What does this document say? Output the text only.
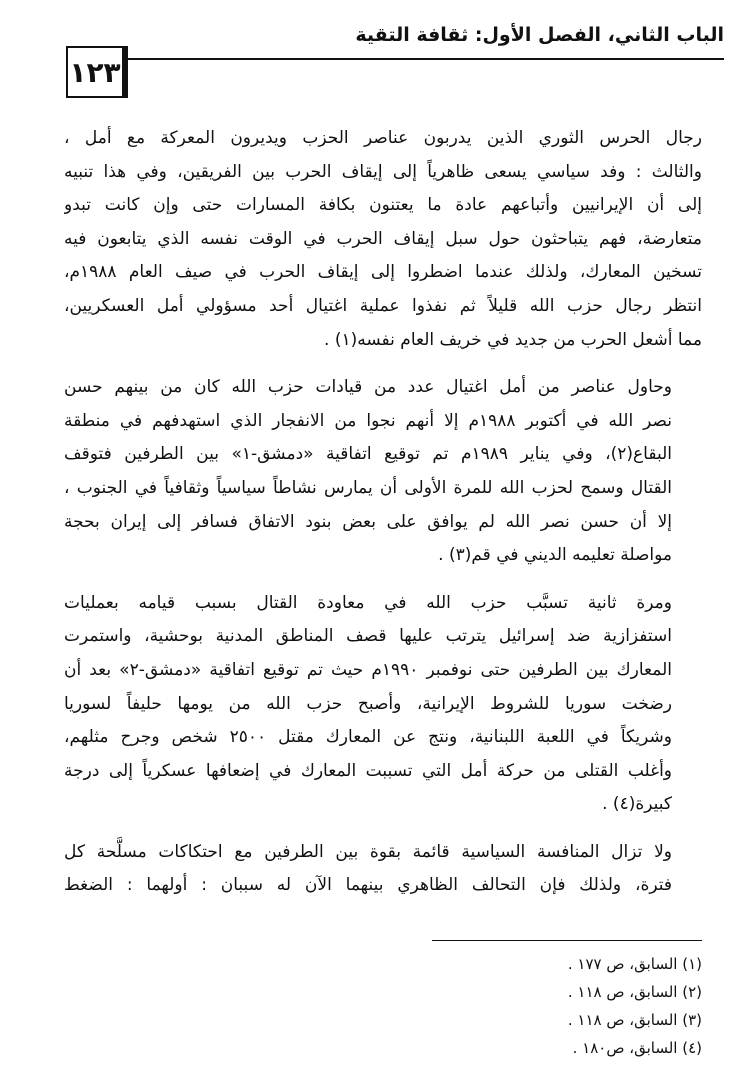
الباب الثاني، الفصل الأول: ثقافة التقية
١٢٣

رجال الحرس الثوري الذين يدربون عناصر الحزب ويديرون المعركة مع أمل ،
والثالث : وفد سياسي يسعى ظاهرياً إلى إيقاف الحرب بين الفريقين، وفي هذا تنبيه
إلى أن الإيرانيين وأتباعهم عادة ما يعتنون بكافة المسارات حتى وإن كانت تبدو
متعارضة، فهم يتباحثون حول سبل إيقاف الحرب في الوقت نفسه الذي يتابعون فيه
تسخين المعارك، ولذلك عندما اضطروا إلى إيقاف الحرب في صيف العام ١٩٨٨م،
انتظر رجال حزب الله قليلاً ثم نفذوا عملية اغتيال أحد مسؤولي أمل العسكريين،
مما أشعل الحرب من جديد في خريف العام نفسه(١) .

وحاول عناصر من أمل اغتيال عدد من قيادات حزب الله كان من بينهم حسن
نصر الله في أكتوبر ١٩٨٨م إلا أنهم نجوا من الانفجار الذي استهدفهم في منطقة
البقاع(٢)، وفي يناير ١٩٨٩م تم توقيع اتفاقية «دمشق-١» بين الطرفين فتوقف
القتال وسمح لحزب الله للمرة الأولى أن يمارس نشاطاً سياسياً وثقافياً في الجنوب ،
إلا أن حسن نصر الله لم يوافق على بعض بنود الاتفاق فسافر إلى إيران بحجة
مواصلة تعليمه الديني في قم(٣) .

ومرة ثانية تسبَّب حزب الله في معاودة القتال بسبب قيامه بعمليات
استفزازية ضد إسرائيل يترتب عليها قصف المناطق المدنية بوحشية، واستمرت
المعارك بين الطرفين حتى نوفمبر ١٩٩٠م حيث تم توقيع اتفاقية «دمشق-٢» بعد أن
رضخت سوريا للشروط الإيرانية، وأصبح حزب الله من يومها حليفاً لسوريا
وشريكاً في اللعبة اللبنانية، ونتج عن المعارك مقتل ٢٥٠٠ شخص وجرح مثلهم،
وأغلب القتلى من حركة أمل التي تسببت المعارك في إضعافها عسكرياً إلى درجة
كبيرة(٤) .

ولا تزال المنافسة السياسية قائمة بقوة بين الطرفين مع احتكاكات مسلَّحة كل
فترة، ولذلك فإن التحالف الظاهري بينهما الآن له سببان : أولهما : الضغط

(١) السابق، ص ١٧٧ .
(٢) السابق، ص ١١٨ .
(٣) السابق، ص ١١٨ .
(٤) السابق، ص١٨٠ .
